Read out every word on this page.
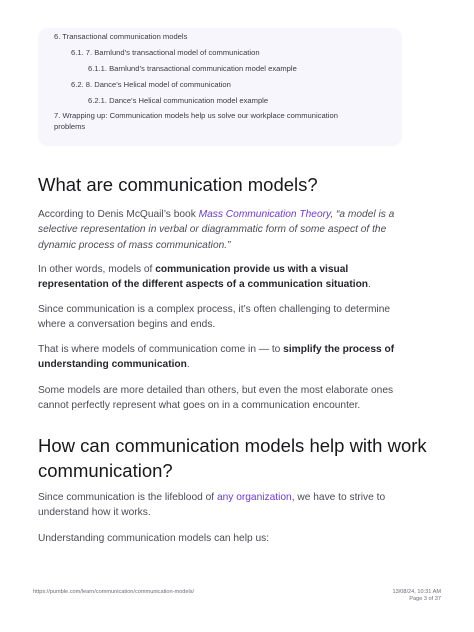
6. Transactional communication models
6.1. 7. Barnlund’s transactional model of communication
6.1.1. Barnlund’s transactional communication model example
6.2. 8. Dance’s Helical model of communication
6.2.1. Dance’s Helical communication model example
7. Wrapping up: Communication models help us solve our workplace communication problems
What are communication models?

According to Denis McQuail’s book Mass Communication Theory, “a model is a selective representation in verbal or diagrammatic form of some aspect of the dynamic process of mass communication.”

In other words, models of communication provide us with a visual representation of the different aspects of a communication situation.

Since communication is a complex process, it’s often challenging to determine where a conversation begins and ends.

That is where models of communication come in — to simplify the process of understanding communication.

Some models are more detailed than others, but even the most elaborate ones cannot perfectly represent what goes on in a communication encounter.

How can communication models help with work communication?

Since communication is the lifeblood of any organization, we have to strive to understand how it works.

Understanding communication models can help us:

https://pumble.com/learn/communication/communication-models/	13/08/24, 10:31 AM
Page 3 of 37
